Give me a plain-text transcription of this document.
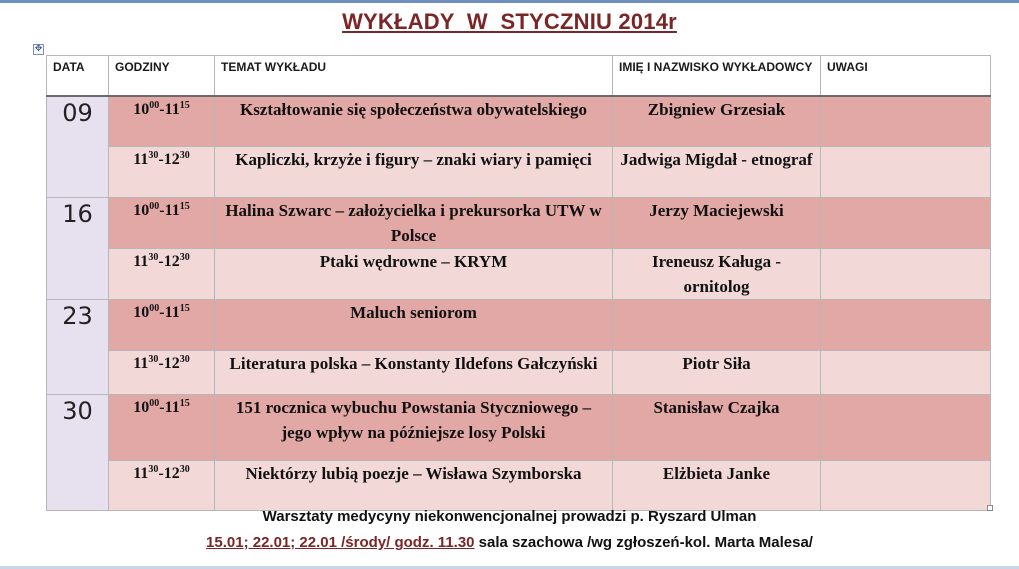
WYKŁADY  W  STYCZNIU 2014r
✥
DATA	GODZINY	TEMAT WYKŁADU	IMIĘ I NAZWISKO WYKŁADOWCY	UWAGI
09	$10^{00}-11^{15}$	Kształtowanie się społeczeństwa obywatelskiego	Zbigniew Grzesiak	
	$11^{30}-12^{30}$	Kapliczki, krzyże i figury – znaki wiary i pamięci	Jadwiga Migdał - etnograf	
16	$10^{00}-11^{15}$	Halina Szwarc – założycielka i prekursorka UTW w Polsce	Jerzy Maciejewski	
	$11^{30}-12^{30}$	Ptaki wędrowne – KRYM	Ireneusz Kaługa - ornitolog	
23	$10^{00}-11^{15}$	Maluch seniorom		
	$11^{30}-12^{30}$	Literatura polska – Konstanty Ildefons Gałczyński	Piotr Siła	
30	$10^{00}-11^{15}$	151 rocznica wybuchu Powstania Styczniowego – jego wpływ na późniejsze losy Polski	Stanisław Czajka	
	$11^{30}-12^{30}$	Niektórzy lubią poezje – Wisława Szymborska	Elżbieta Janke	
Warsztaty medycyny niekonwencjonalnej prowadzi p. Ryszard Ulman
15.01; 22.01; 22.01 /środy/ godz. 11.30 sala szachowa /wg zgłoszeń-kol. Marta Malesa/
